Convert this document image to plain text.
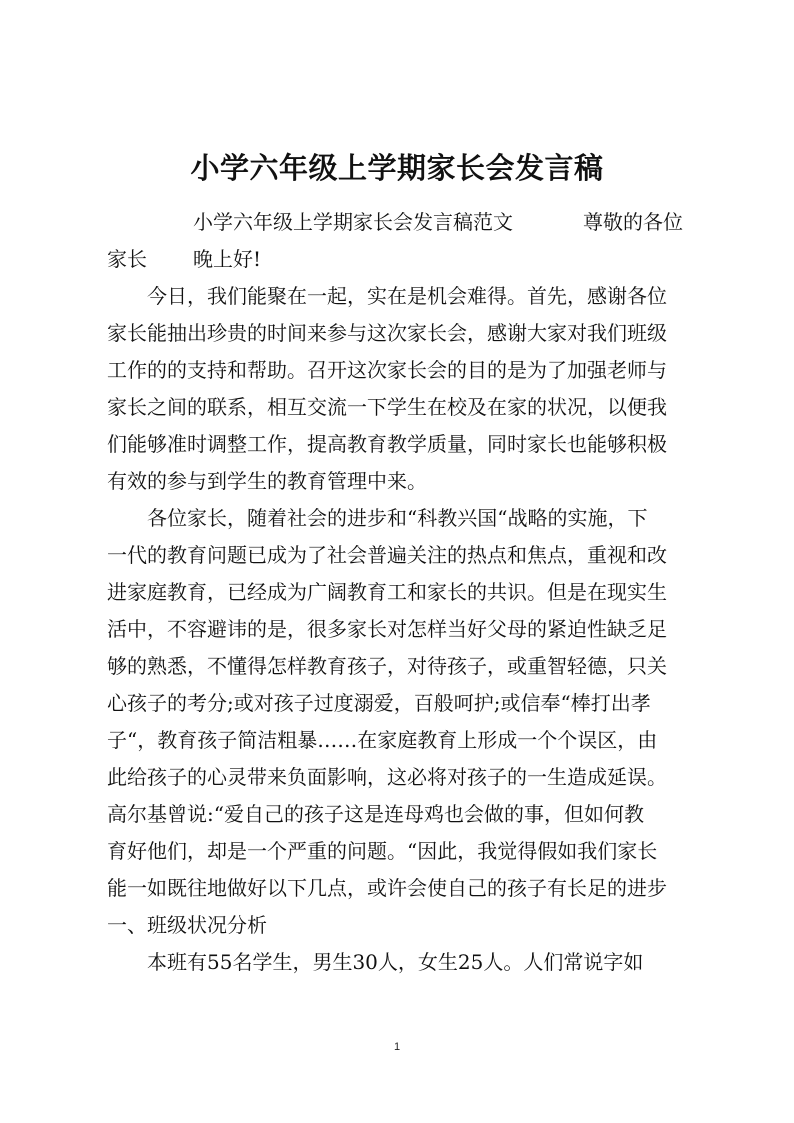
小学六年级上学期家长会发言稿
小学六年级上学期家长会发言稿范文	尊敬的各位
家长 晚上好!
今日，我们能聚在一起，实在是机会难得。首先，感谢各位
家长能抽出珍贵的时间来参与这次家长会，感谢大家对我们班级
工作的的支持和帮助。召开这次家长会的目的是为了加强老师与
家长之间的联系，相互交流一下学生在校及在家的状况，以便我
们能够准时调整工作，提高教育教学质量，同时家长也能够积极
有效的参与到学生的教育管理中来。
各位家长，随着社会的进步和“科教兴国“战略的实施，下
一代的教育问题已成为了社会普遍关注的热点和焦点，重视和改
进家庭教育，已经成为广阔教育工和家长的共识。但是在现实生
活中，不容避讳的是，很多家长对怎样当好父母的紧迫性缺乏足
够的熟悉，不懂得怎样教育孩子，对待孩子，或重智轻德，只关
心孩子的考分;或对孩子过度溺爱，百般呵护;或信奉“棒打出孝
子“，教育孩子简洁粗暴……在家庭教育上形成一个个误区，由
此给孩子的心灵带来负面影响，这必将对孩子的一生造成延误。
高尔基曾说:“爱自己的孩子这是连母鸡也会做的事，但如何教
育好他们，却是一个严重的问题。“因此，我觉得假如我们家长
能一如既往地做好以下几点，或许会使自己的孩子有长足的进步
一、班级状况分析
本班有55名学生，男生30人，女生25人。人们常说字如
1
